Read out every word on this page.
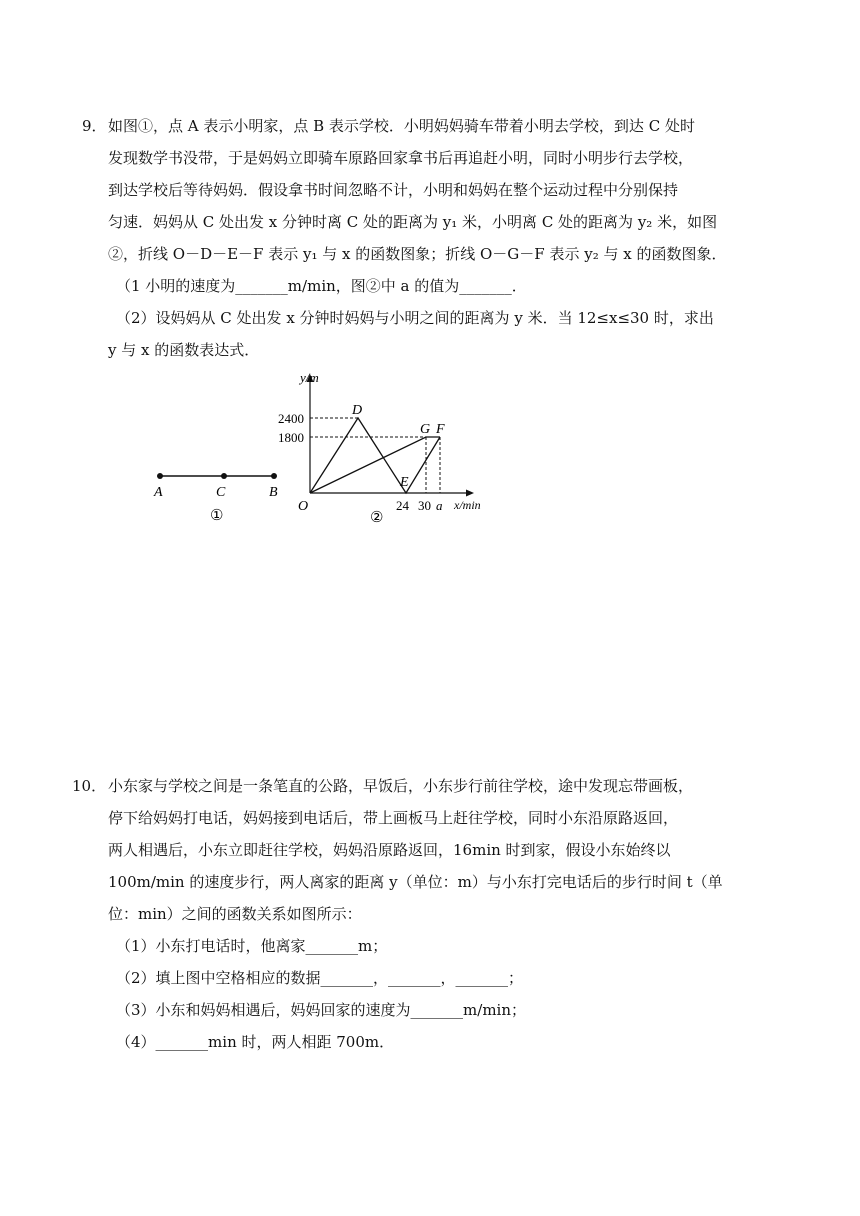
9． 如图①，点 A 表示小明家，点 B 表示学校．小明妈妈骑车带着小明去学校，到达 C 处时

发现数学书没带，于是妈妈立即骑车原路回家拿书后再追赶小明，同时小明步行去学校，

到达学校后等待妈妈．假设拿书时间忽略不计，小明和妈妈在整个运动过程中分别保持

匀速．妈妈从 C 处出发 x 分钟时离 C 处的距离为 y₁ 米，小明离 C 处的距离为 y₂ 米，如图

②，折线 O－D－E－F 表示 y₁ 与 x 的函数图象；折线 O－G－F 表示 y₂ 与 x 的函数图象．

（1 小明的速度为_______m/min，图②中 a 的值为_______．

（2）设妈妈从 C 处出发 x 分钟时妈妈与小明之间的距离为 y 米．当 12≤x≤30 时，求出

y 与 x 的函数表达式．

A	C	B
①
y/m
x/min
O
2400
1800
24 30 a
D
E
G F
②
10． 小东家与学校之间是一条笔直的公路，早饭后，小东步行前往学校，途中发现忘带画板，

停下给妈妈打电话，妈妈接到电话后，带上画板马上赶往学校，同时小东沿原路返回，

两人相遇后，小东立即赶往学校，妈妈沿原路返回，16min 时到家，假设小东始终以

100m/min 的速度步行，两人离家的距离 y（单位：m）与小东打完电话后的步行时间 t（单

位：min）之间的函数关系如图所示：

（1）小东打电话时，他离家_______m；

（2）填上图中空格相应的数据_______，_______，_______；

（3）小东和妈妈相遇后，妈妈回家的速度为_______m/min；

（4）_______min 时，两人相距 700m．
